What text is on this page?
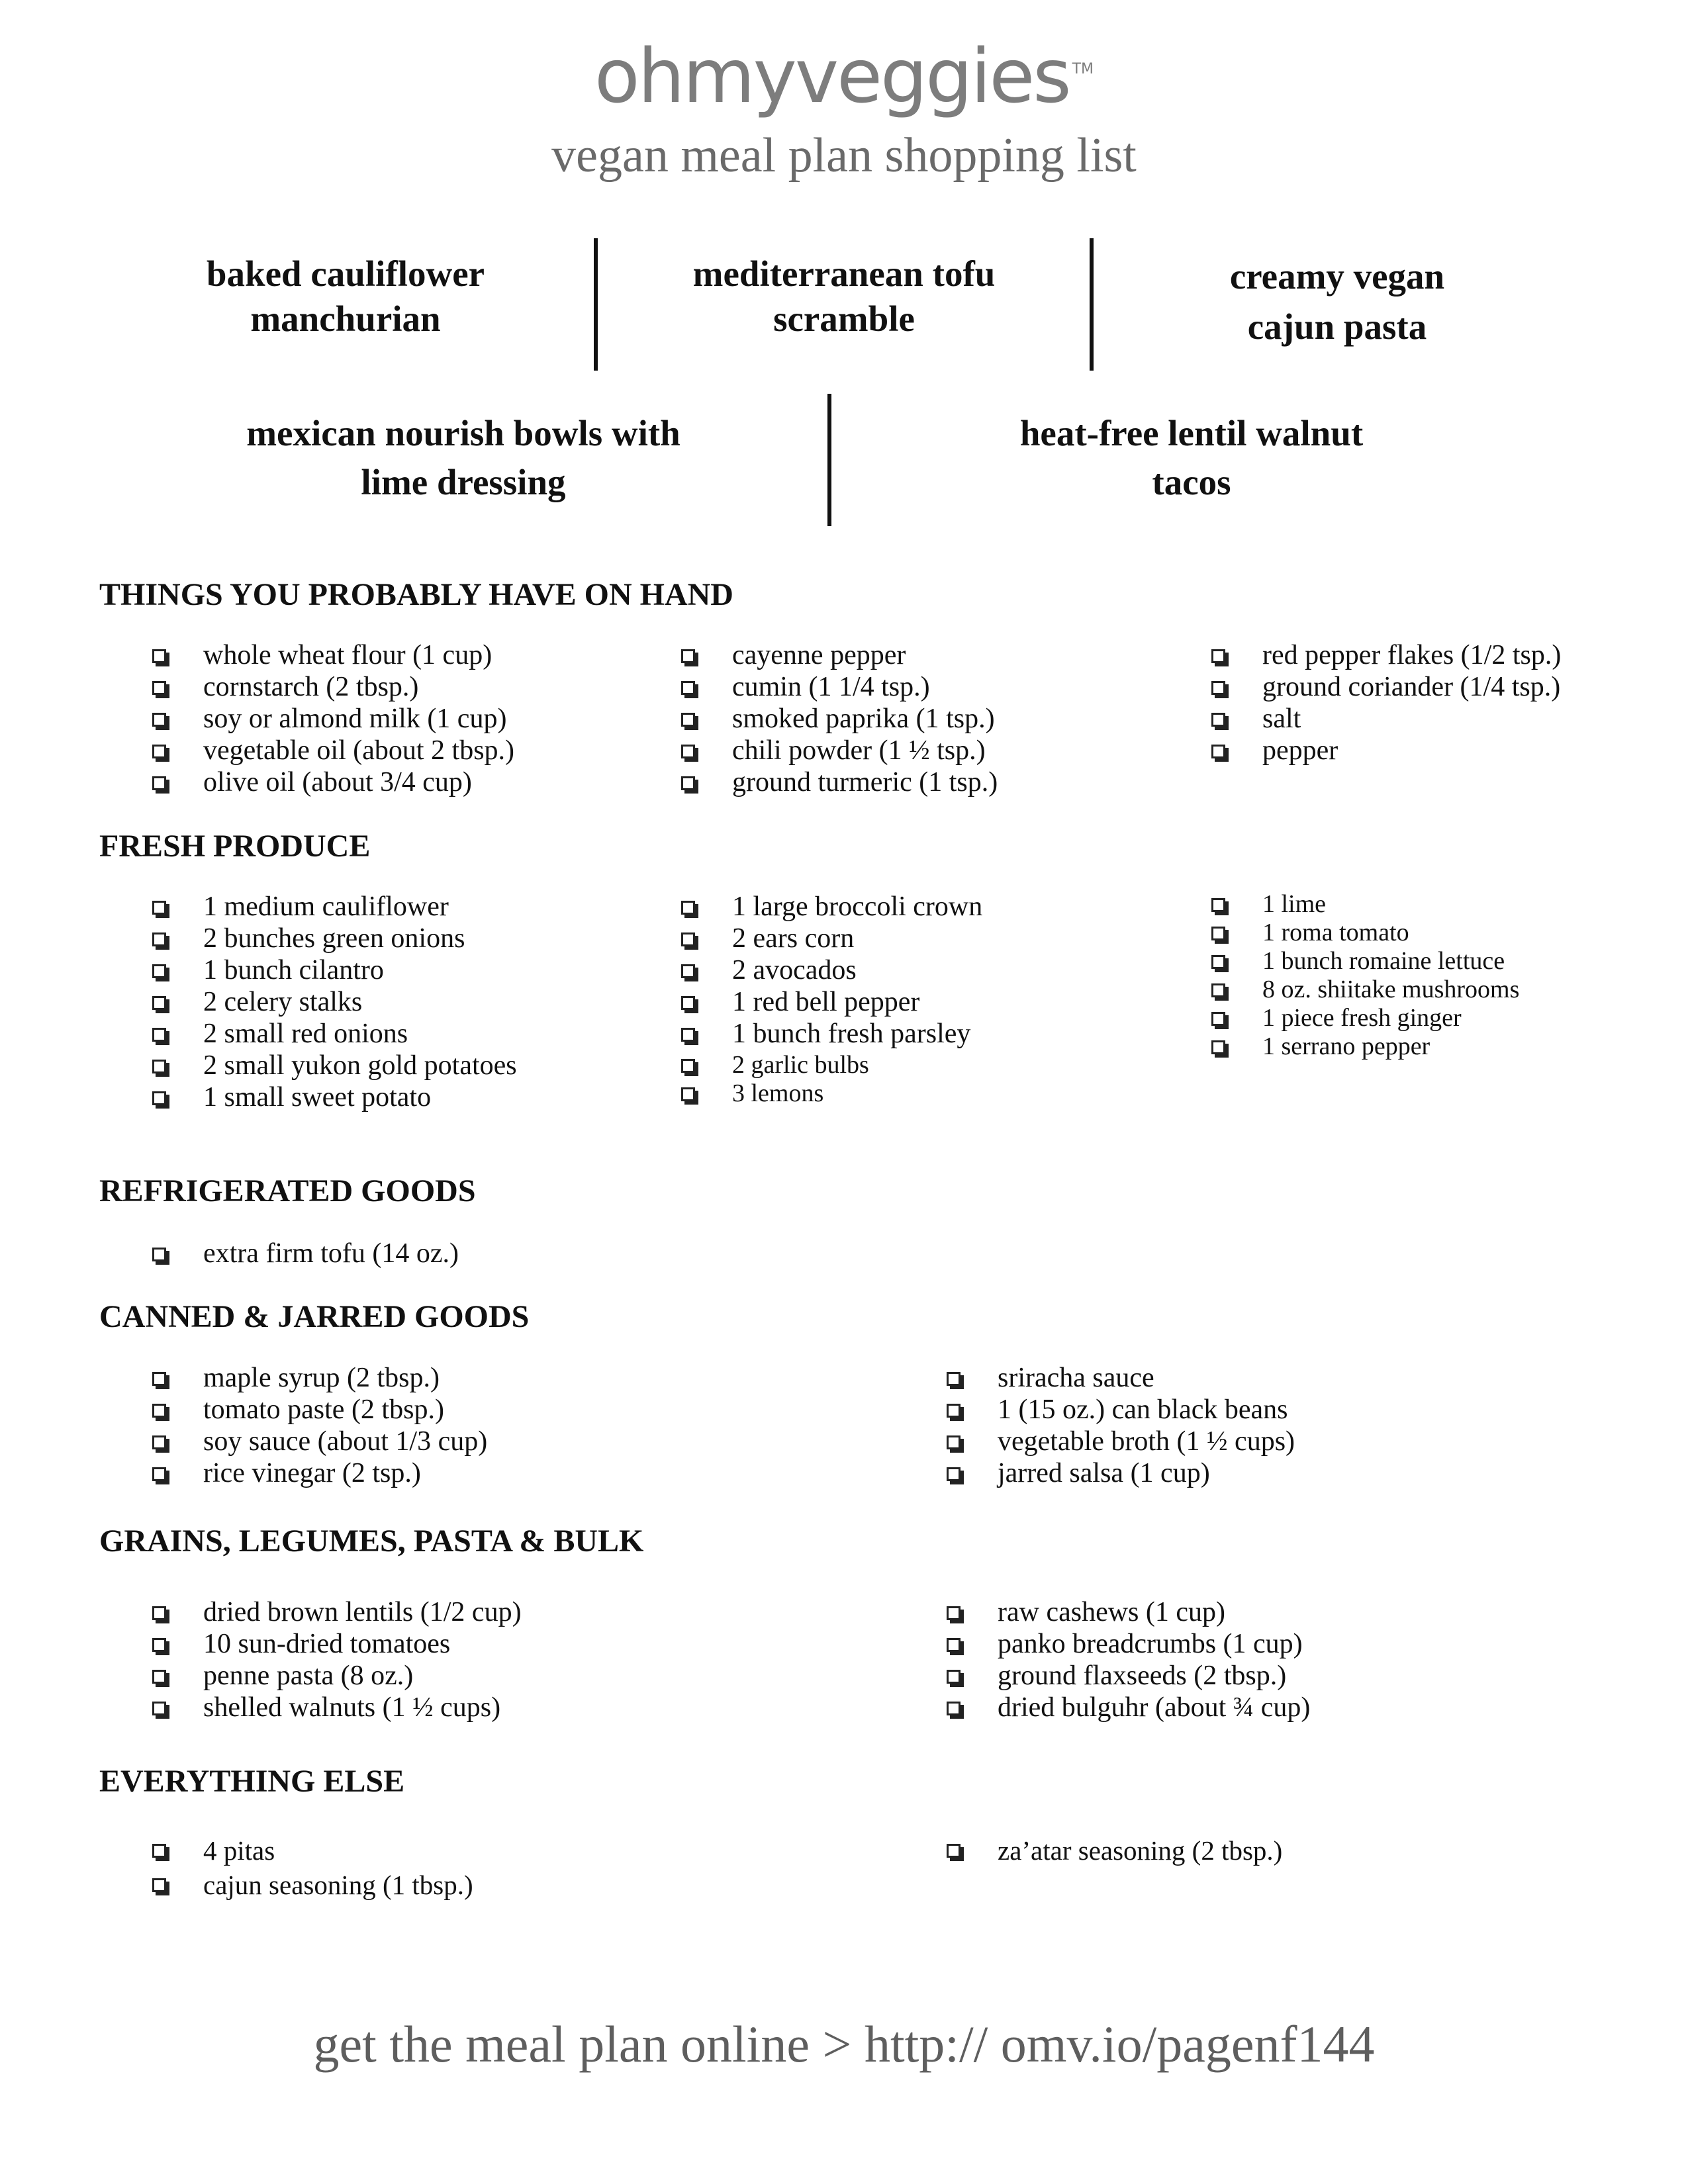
ohmyveggies ™
vegan meal plan shopping list
baked cauliflower
manchurian
mediterranean tofu
scramble
creamy vegan
cajun pasta
mexican nourish bowls with
lime dressing
heat-free lentil walnut
tacos
THINGS YOU PROBABLY HAVE ON HAND
whole wheat flour (1 cup)
cornstarch (2 tbsp.)
soy or almond milk (1 cup)
vegetable oil (about 2 tbsp.)
olive oil (about 3/4 cup)
cayenne pepper
cumin (1 1/4 tsp.)
smoked paprika (1 tsp.)
chili powder (1 ½ tsp.)
ground turmeric (1 tsp.)
red pepper flakes (1/2 tsp.)
ground coriander (1/4 tsp.)
salt
pepper
FRESH PRODUCE
1 medium cauliflower
2 bunches green onions
1 bunch cilantro
2 celery stalks
2 small red onions
2 small yukon gold potatoes
1 small sweet potato
1 large broccoli crown
2 ears corn
2 avocados
1 red bell pepper
1 bunch fresh parsley
2 garlic bulbs
3 lemons
1 lime
1 roma tomato
1 bunch romaine lettuce
8 oz. shiitake mushrooms
1 piece fresh ginger
1 serrano pepper
REFRIGERATED GOODS
extra firm tofu (14 oz.)
CANNED & JARRED GOODS
maple syrup (2 tbsp.)
tomato paste (2 tbsp.)
soy sauce (about 1/3 cup)
rice vinegar (2 tsp.)
sriracha sauce
1 (15 oz.) can black beans
vegetable broth (1 ½ cups)
jarred salsa (1 cup)
GRAINS, LEGUMES, PASTA & BULK
dried brown lentils (1/2 cup)
10 sun-dried tomatoes
penne pasta (8 oz.)
shelled walnuts (1 ½ cups)
raw cashews (1 cup)
panko breadcrumbs (1 cup)
ground flaxseeds (2 tbsp.)
dried bulguhr (about ¾ cup)
EVERYTHING ELSE
4 pitas
cajun seasoning (1 tbsp.)
za’atar seasoning (2 tbsp.)
get the meal plan online > http:// omv.io/pagenf144
